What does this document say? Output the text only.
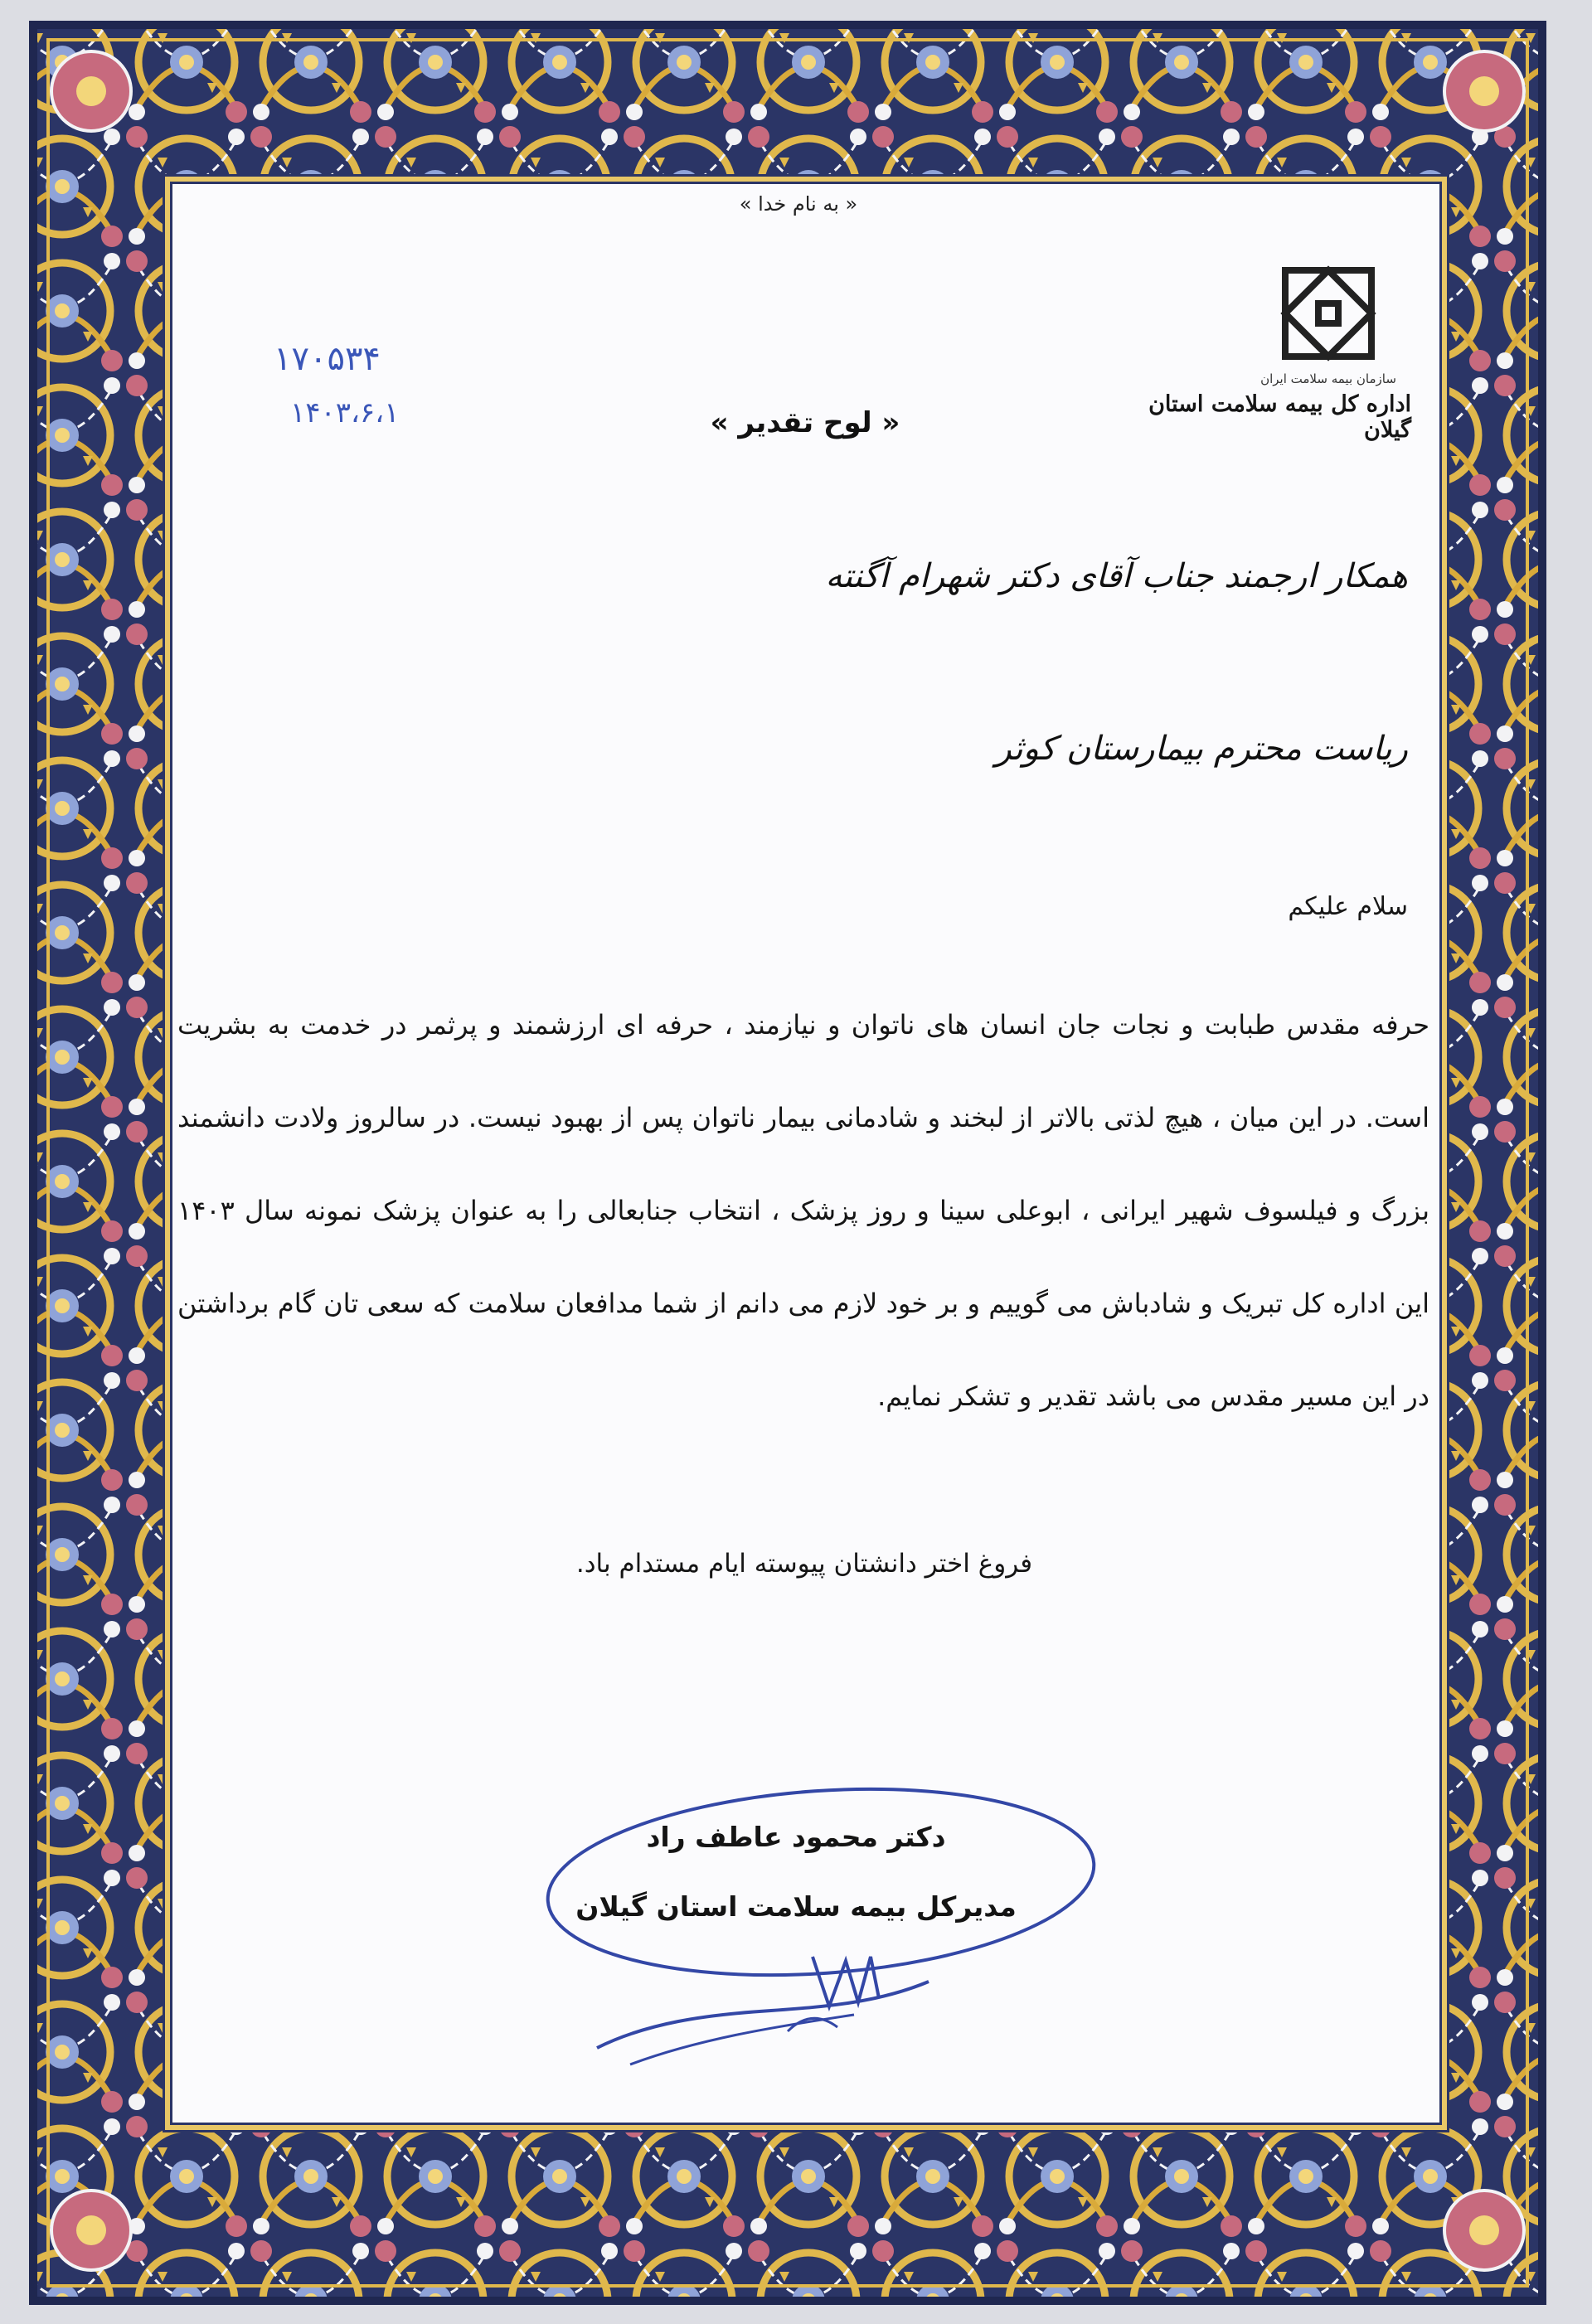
« به نام خدا »
سازمان بیمه سلامت ایران
اداره کل بیمه سلامت استان گیلان
« لوح تقدیر »
۱۷۰۵۳۴
۱۴۰۳،۶،۱
همکار ارجمند جناب آقای دکتر شهرام آگنته
ریاست محترم بیمارستان کوثر
سلام علیکم
حرفه مقدس طبابت و نجات جان انسان های ناتوان و نیازمند ، حرفه ای ارزشمند و پرثمر در خدمت به بشریت است. در این میان ، هیچ لذتی بالاتر از لبخند و شادمانی بیمار ناتوان پس از بهبود نیست. در سالروز ولادت دانشمند بزرگ و فیلسوف شهیر ایرانی ، ابوعلی سینا و روز پزشک ، انتخاب جنابعالی را به عنوان پزشک نمونه سال ۱۴۰۳ این اداره کل تبریک و شادباش می گوییم و بر خود لازم می دانم از شما مدافعان سلامت که سعی تان گام برداشتن در این مسیر مقدس می باشد تقدیر و تشکر نمایم.
فروغ اختر دانشتان پیوسته ایام مستدام باد.
دکتر محمود عاطف راد
مدیرکل بیمه سلامت استان گیلان
